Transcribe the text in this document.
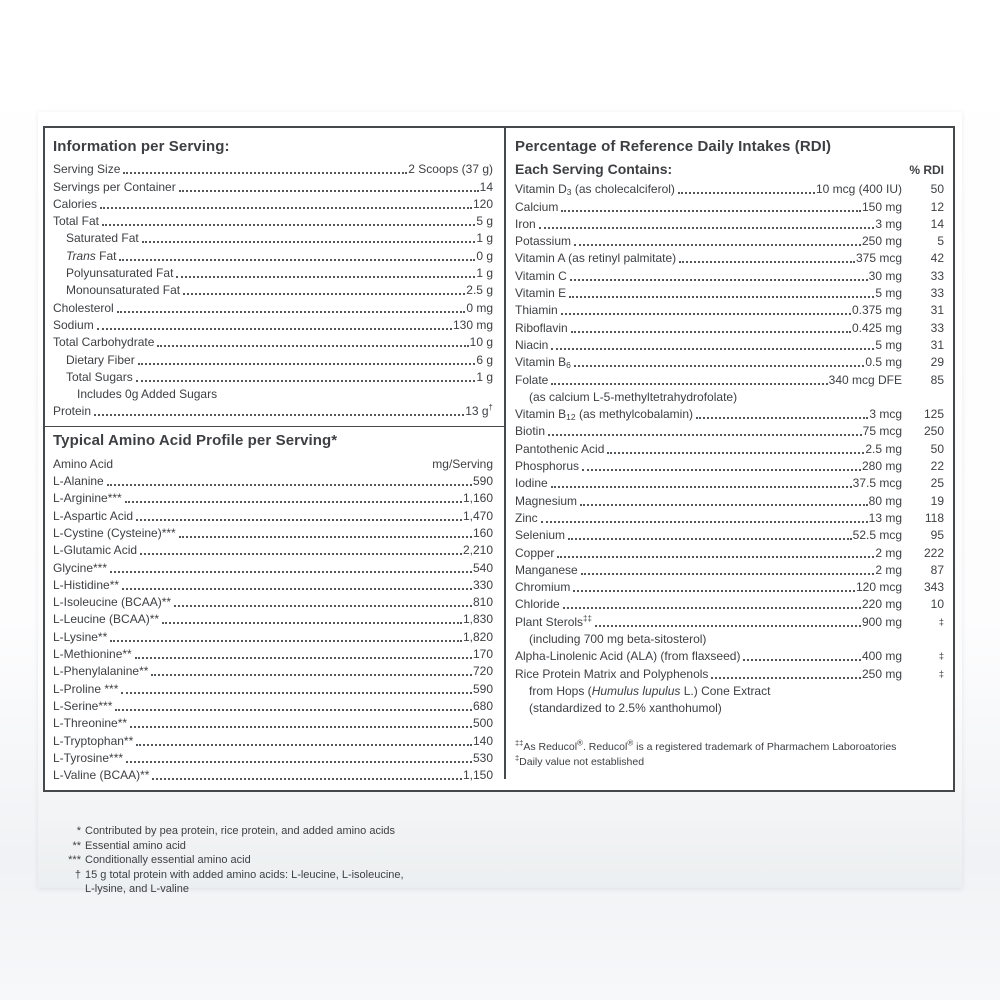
Information per Serving:
Serving Size	2 Scoops (37 g)
Servings per Container	14
Calories	120
Total Fat	5 g
Saturated Fat	1 g
Trans Fat	0 g
Polyunsaturated Fat	1 g
Monounsaturated Fat	2.5 g
Cholesterol	0 mg
Sodium	130 mg
Total Carbohydrate	10 g
Dietary Fiber	6 g
Total Sugars	1 g
Includes 0g Added Sugars
Protein	13 g†
Typical Amino Acid Profile per Serving*
Amino Acid	mg/Serving
L-Alanine	590
L-Arginine***	1,160
L-Aspartic Acid	1,470
L-Cystine (Cysteine)***	160
L-Glutamic Acid	2,210
Glycine***	540
L-Histidine**	330
L-Isoleucine (BCAA)**	810
L-Leucine (BCAA)**	1,830
L-Lysine**	1,820
L-Methionine**	170
L-Phenylalanine**	720
L-Proline ***	590
L-Serine***	680
L-Threonine**	500
L-Tryptophan**	140
L-Tyrosine***	530
L-Valine (BCAA)**	1,150
Percentage of Reference Daily Intakes (RDI)
Each Serving Contains:	% RDI
Vitamin $D_3$ (as cholecalciferol)	10 mcg (400 IU)	50
Calcium	150 mg	12
Iron	3 mg	14
Potassium	250 mg	5
Vitamin A (as retinyl palmitate)	375 mcg	42
Vitamin C	30 mg	33
Vitamin E	5 mg	33
Thiamin	0.375 mg	31
Riboflavin	0.425 mg	33
Niacin	5 mg	31
Vitamin $B_6$	0.5 mg	29
Folate	340 mcg DFE	85
(as calcium L-5-methyltetrahydrofolate)
Vitamin $B_{12}$ (as methylcobalamin)	3 mcg	125
Biotin	75 mcg	250
Pantothenic Acid	2.5 mg	50
Phosphorus	280 mg	22
Iodine	37.5 mcg	25
Magnesium	80 mg	19
Zinc	13 mg	118
Selenium	52.5 mcg	95
Copper	2 mg	222
Manganese	2 mg	87
Chromium	120 mcg	343
Chloride	220 mg	10
Plant Sterols‡‡	900 mg	‡
(including 700 mg beta-sitosterol)
Alpha-Linolenic Acid (ALA) (from flaxseed)	400 mg	‡
Rice Protein Matrix and Polyphenols	250 mg	‡
from Hops (Humulus lupulus L.) Cone Extract
(standardized to 2.5% xanthohumol)
‡‡As Reducol®. Reducol® is a registered trademark of Pharmachem Laboroatories
‡Daily value not established
* Contributed by pea protein, rice protein, and added amino acids
** Essential amino acid
*** Conditionally essential amino acid
† 15 g total protein with added amino acids: L-leucine, L-isoleucine,
L-lysine, and L-valine
